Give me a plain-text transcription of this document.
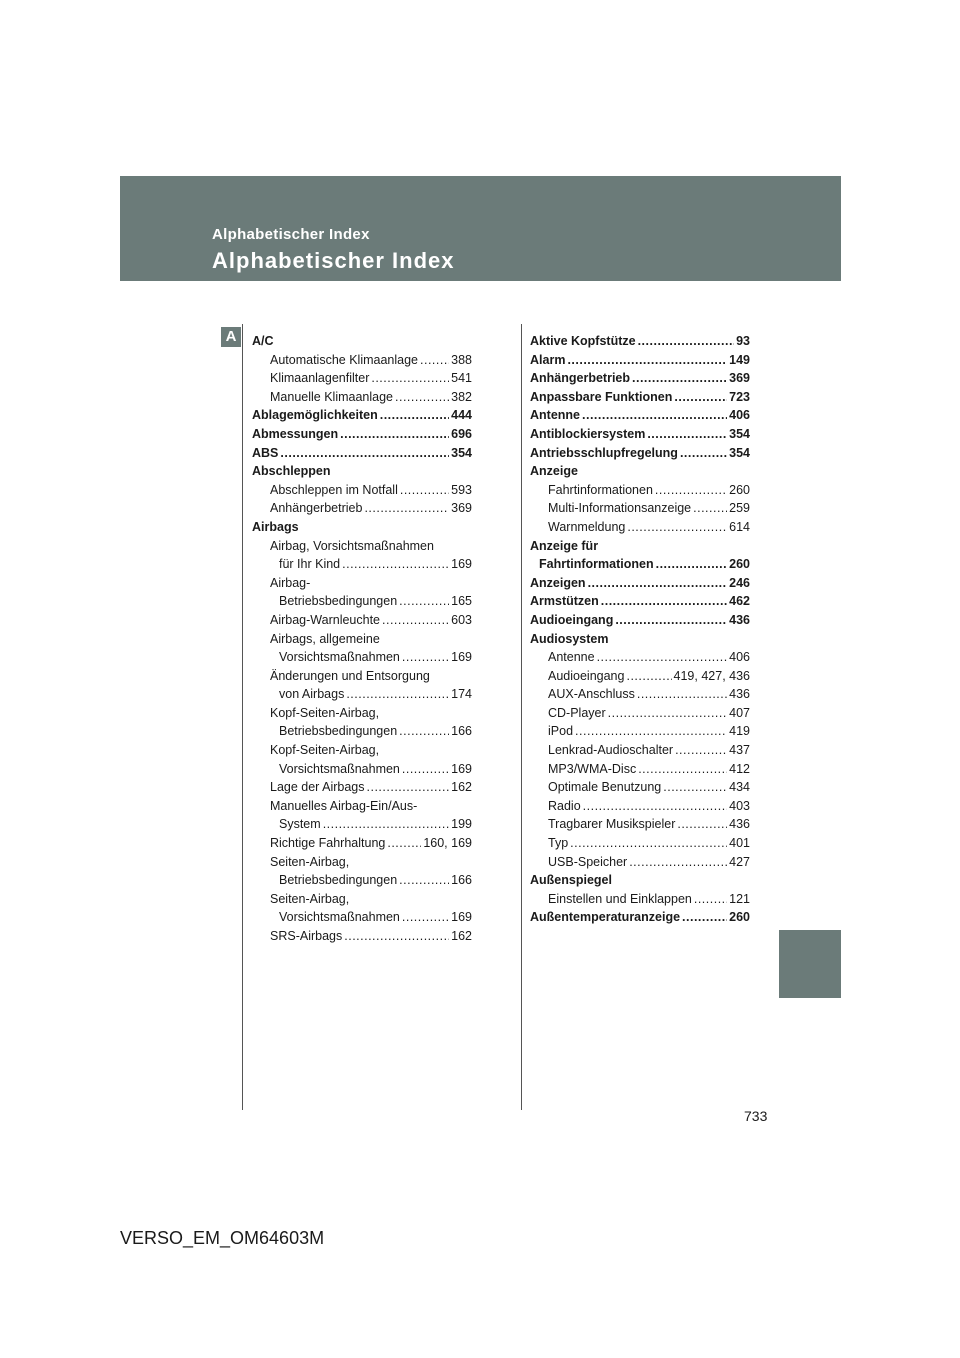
Alphabetischer Index
Alphabetischer Index
A	A/C
Automatische Klimaanlage .....	388
Klimaanlagenfilter .....	541
Manuelle Klimaanlage .....	382
Ablagemöglichkeiten .....	444
Abmessungen .....	696
ABS .....	354
Abschleppen
Abschleppen im Notfall .....	593
Anhängerbetrieb .....	369
Airbags
Airbag, Vorsichtsmaßnahmen
für Ihr Kind .....	169
Airbag-
Betriebsbedingungen .....	165
Airbag-Warnleuchte .....	603
Airbags, allgemeine
Vorsichtsmaßnahmen .....	169
Änderungen und Entsorgung
von Airbags .....	174
Kopf-Seiten-Airbag,
Betriebsbedingungen .....	166
Kopf-Seiten-Airbag,
Vorsichtsmaßnahmen .....	169
Lage der Airbags .....	162
Manuelles Airbag-Ein/Aus-
System .....	199
Richtige Fahrhaltung .....	160, 169
Seiten-Airbag,
Betriebsbedingungen .....	166
Seiten-Airbag,
Vorsichtsmaßnahmen .....	169
SRS-Airbags .....	162
Aktive Kopfstütze .....	93
Alarm .....	149
Anhängerbetrieb .....	369
Anpassbare Funktionen .....	723
Antenne .....	406
Antiblockiersystem .....	354
Antriebsschlupfregelung .....	354
Anzeige
Fahrtinformationen .....	260
Multi-Informationsanzeige .....	259
Warnmeldung .....	614
Anzeige für
Fahrtinformationen .....	260
Anzeigen .....	246
Armstützen .....	462
Audioeingang .....	436
Audiosystem
Antenne .....	406
Audioeingang .....	419, 427, 436
AUX-Anschluss .....	436
CD-Player .....	407
iPod .....	419
Lenkrad-Audioschalter .....	437
MP3/WMA-Disc .....	412
Optimale Benutzung .....	434
Radio .....	403
Tragbarer Musikspieler .....	436
Typ .....	401
USB-Speicher .....	427
Außenspiegel
Einstellen und Einklappen .....	121
Außentemperaturanzeige .....	260
733
VERSO_EM_OM64603M
